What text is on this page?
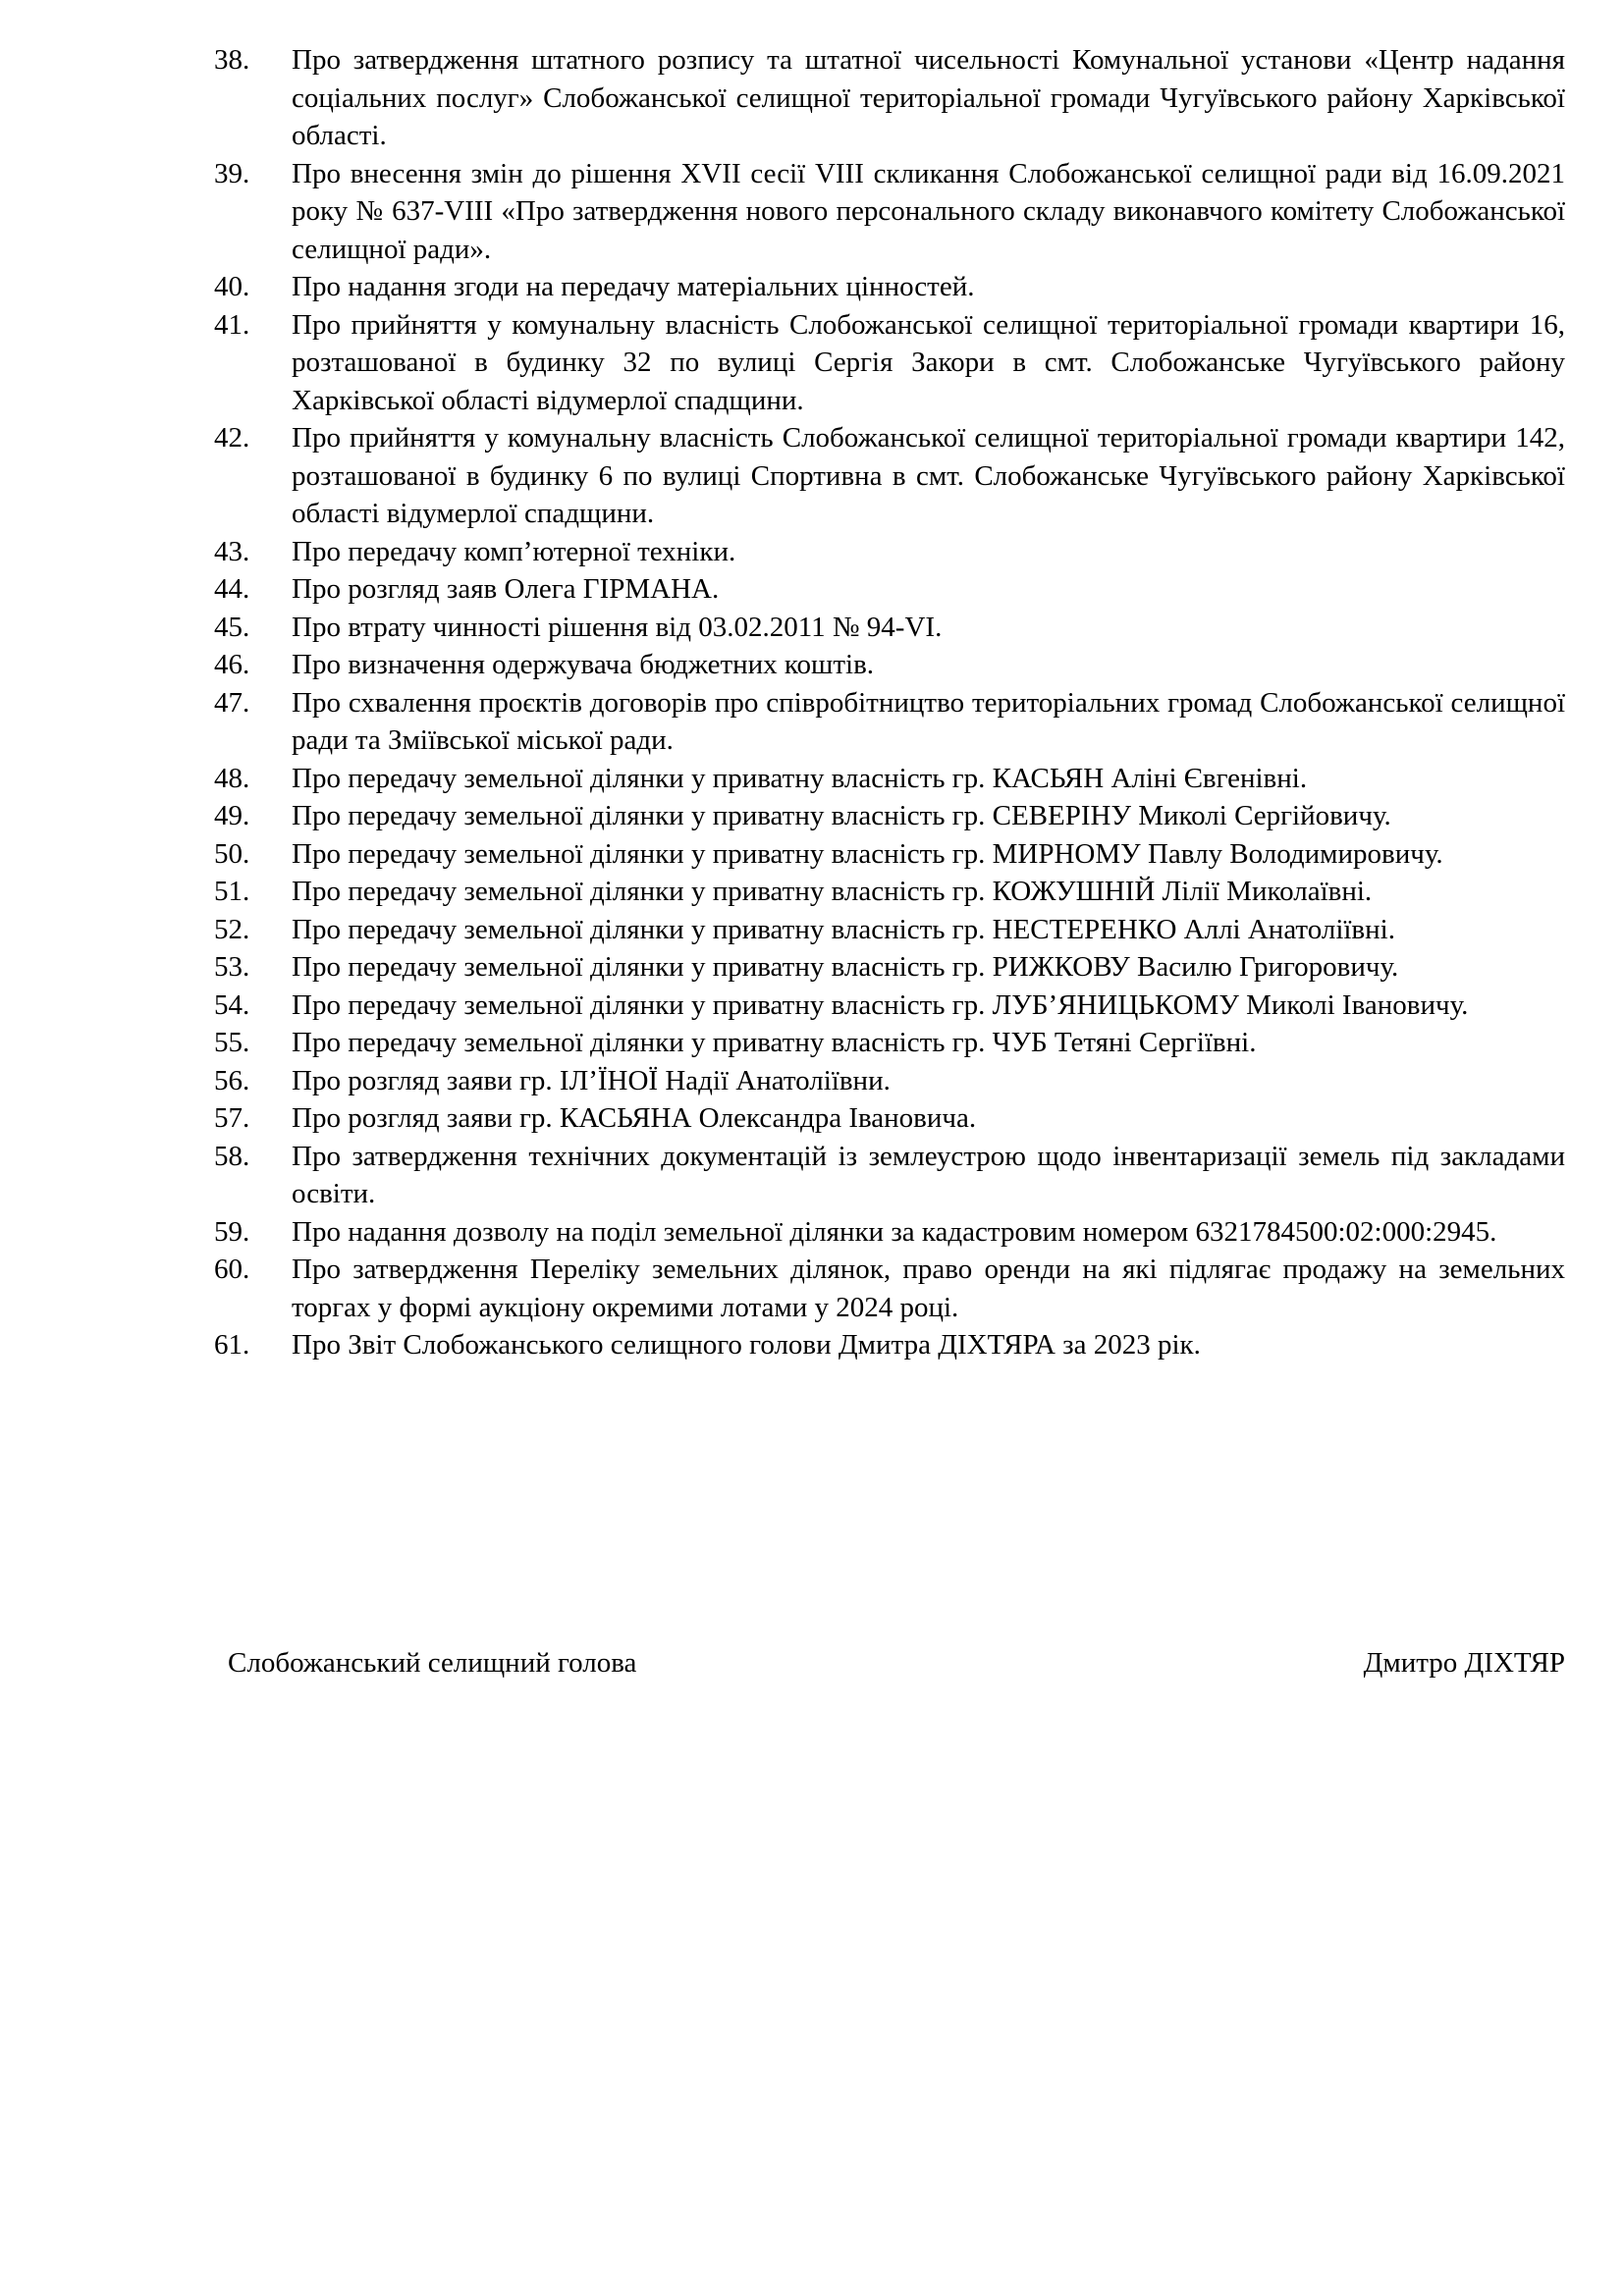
38. Про затвердження штатного розпису та штатної чисельності Комунальної установи «Центр надання соціальних послуг» Слобожанської селищної територіальної громади Чугуївського району Харківської області.
39. Про внесення змін до рішення XVII сесії VIII скликання Слобожанської селищної ради від 16.09.2021 року № 637-VIII «Про затвердження нового персонального складу виконавчого комітету Слобожанської селищної ради».
40. Про надання згоди на передачу матеріальних цінностей.
41. Про прийняття у комунальну власність Слобожанської селищної територіальної громади квартири 16, розташованої в будинку 32 по вулиці Сергія Закори в смт. Слобожанське Чугуївського району Харківської області відумерлої спадщини.
42. Про прийняття у комунальну власність Слобожанської селищної територіальної громади квартири 142, розташованої в будинку 6 по вулиці Спортивна в смт. Слобожанське Чугуївського району Харківської області відумерлої спадщини.
43. Про передачу комп’ютерної техніки.
44. Про розгляд заяв Олега ГІРМАНА.
45. Про втрату чинності рішення від 03.02.2011 № 94-VI.
46. Про визначення одержувача бюджетних коштів.
47. Про схвалення проєктів договорів про співробітництво територіальних громад Слобожанської селищної ради та Зміївської міської ради.
48. Про передачу земельної ділянки у приватну власність гр. КАСЬЯН Аліні Євгенівні.
49. Про передачу земельної ділянки у приватну власність гр. СЕВЕРІНУ Миколі Сергійовичу.
50. Про передачу земельної ділянки у приватну власність гр. МИРНОМУ Павлу Володимировичу.
51. Про передачу земельної ділянки у приватну власність гр. КОЖУШНІЙ Лілії Миколаївні.
52. Про передачу земельної ділянки у приватну власність гр. НЕСТЕРЕНКО Аллі Анатоліївні.
53. Про передачу земельної ділянки у приватну власність гр. РИЖКОВУ Василю Григоровичу.
54. Про передачу земельної ділянки у приватну власність гр. ЛУБ’ЯНИЦЬКОМУ Миколі Івановичу.
55. Про передачу земельної ділянки у приватну власність гр. ЧУБ Тетяні Сергіївні.
56. Про розгляд заяви гр. ІЛ’ЇНОЇ Надії Анатоліївни.
57. Про розгляд заяви гр. КАСЬЯНА Олександра Івановича.
58. Про затвердження технічних документацій із землеустрою щодо інвентаризації земель під закладами освіти.
59. Про надання дозволу на поділ земельної ділянки за кадастровим номером 6321784500:02:000:2945.
60. Про затвердження Переліку земельних ділянок, право оренди на які підлягає продажу на земельних торгах у формі аукціону окремими лотами у 2024 році.
61. Про Звіт Слобожанського селищного голови Дмитра ДІХТЯРА за 2023 рік.
Слобожанський селищний голова	Дмитро ДІХТЯР
